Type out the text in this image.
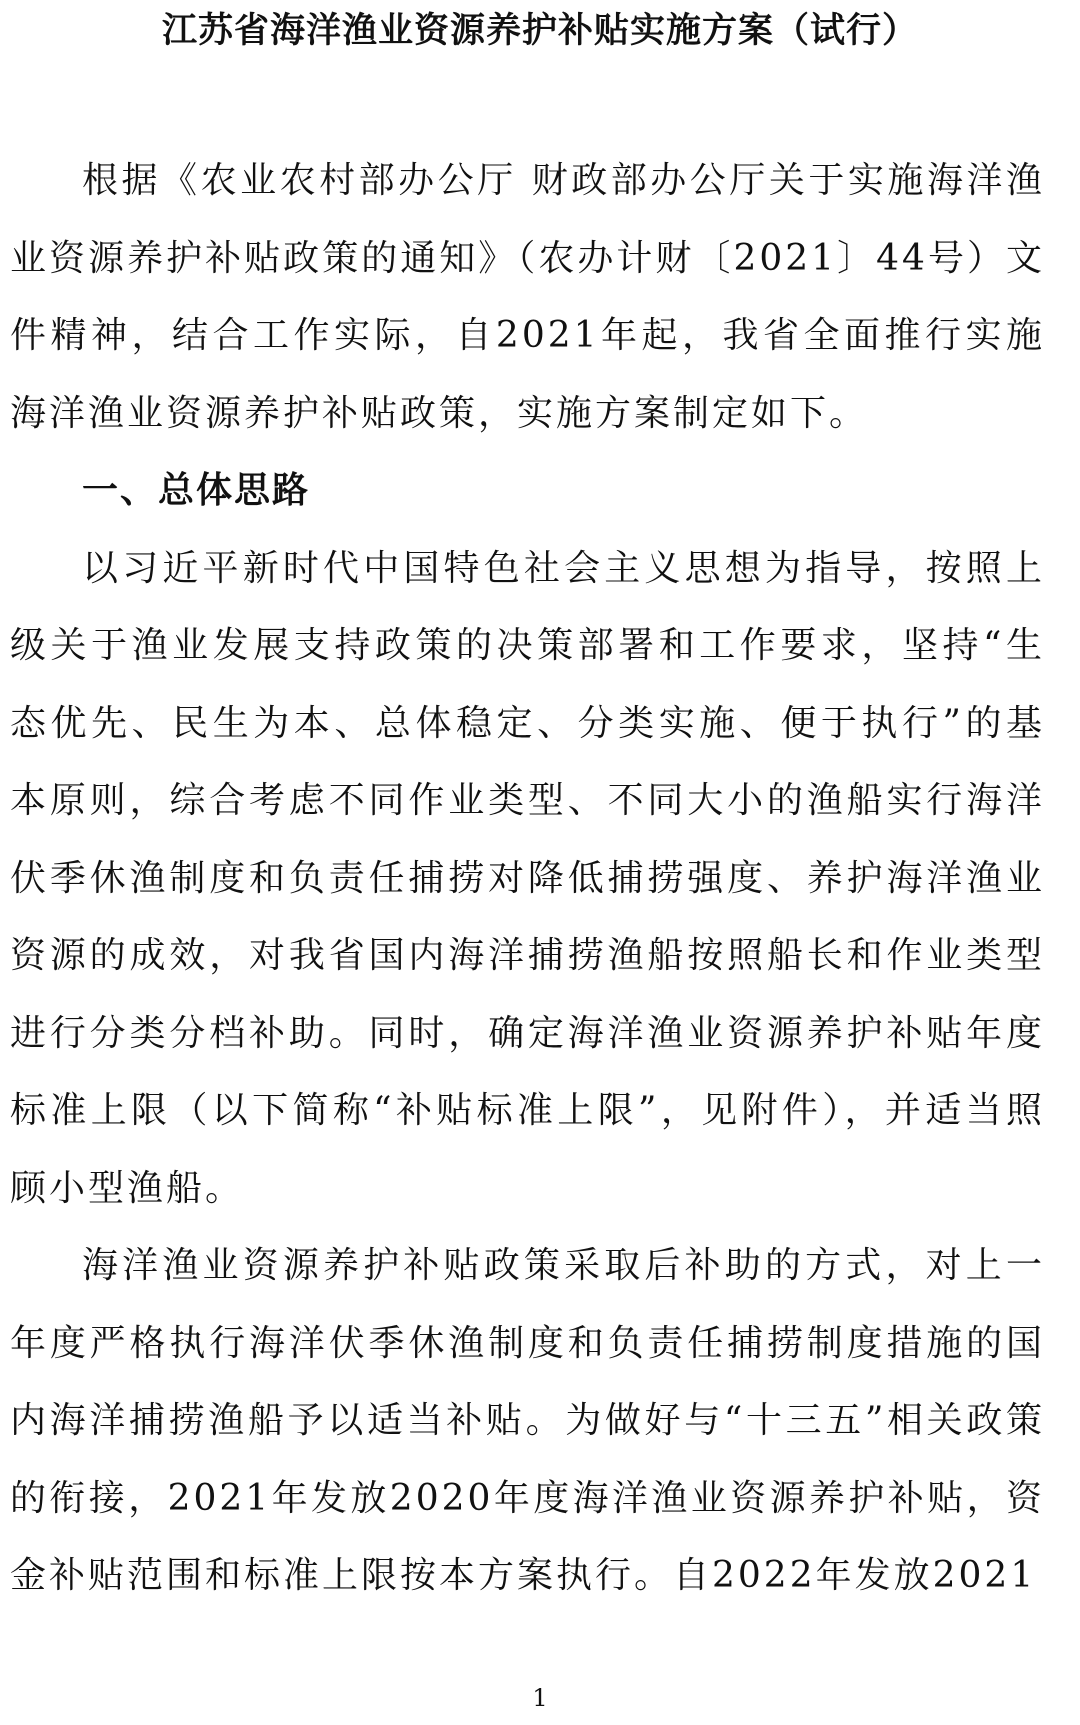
江苏省海洋渔业资源养护补贴实施方案（试行）

根据《农业农村部办公厅 财政部办公厅关于实施海洋渔业资源养护补贴政策的通知》（农办计财〔2021〕44号）文件精神，结合工作实际，自2021年起，我省全面推行实施海洋渔业资源养护补贴政策，实施方案制定如下。

一、总体思路

以习近平新时代中国特色社会主义思想为指导，按照上级关于渔业发展支持政策的决策部署和工作要求，坚持“生态优先、民生为本、总体稳定、分类实施、便于执行”的基本原则，综合考虑不同作业类型、不同大小的渔船实行海洋伏季休渔制度和负责任捕捞对降低捕捞强度、养护海洋渔业资源的成效，对我省国内海洋捕捞渔船按照船长和作业类型进行分类分档补助。同时，确定海洋渔业资源养护补贴年度标准上限（以下简称“补贴标准上限”，见附件），并适当照顾小型渔船。

海洋渔业资源养护补贴政策采取后补助的方式，对上一年度严格执行海洋伏季休渔制度和负责任捕捞制度措施的国内海洋捕捞渔船予以适当补贴。为做好与“十三五”相关政策的衔接，2021年发放2020年度海洋渔业资源养护补贴，资金补贴范围和标准上限按本方案执行。自2022年发放2021

1
